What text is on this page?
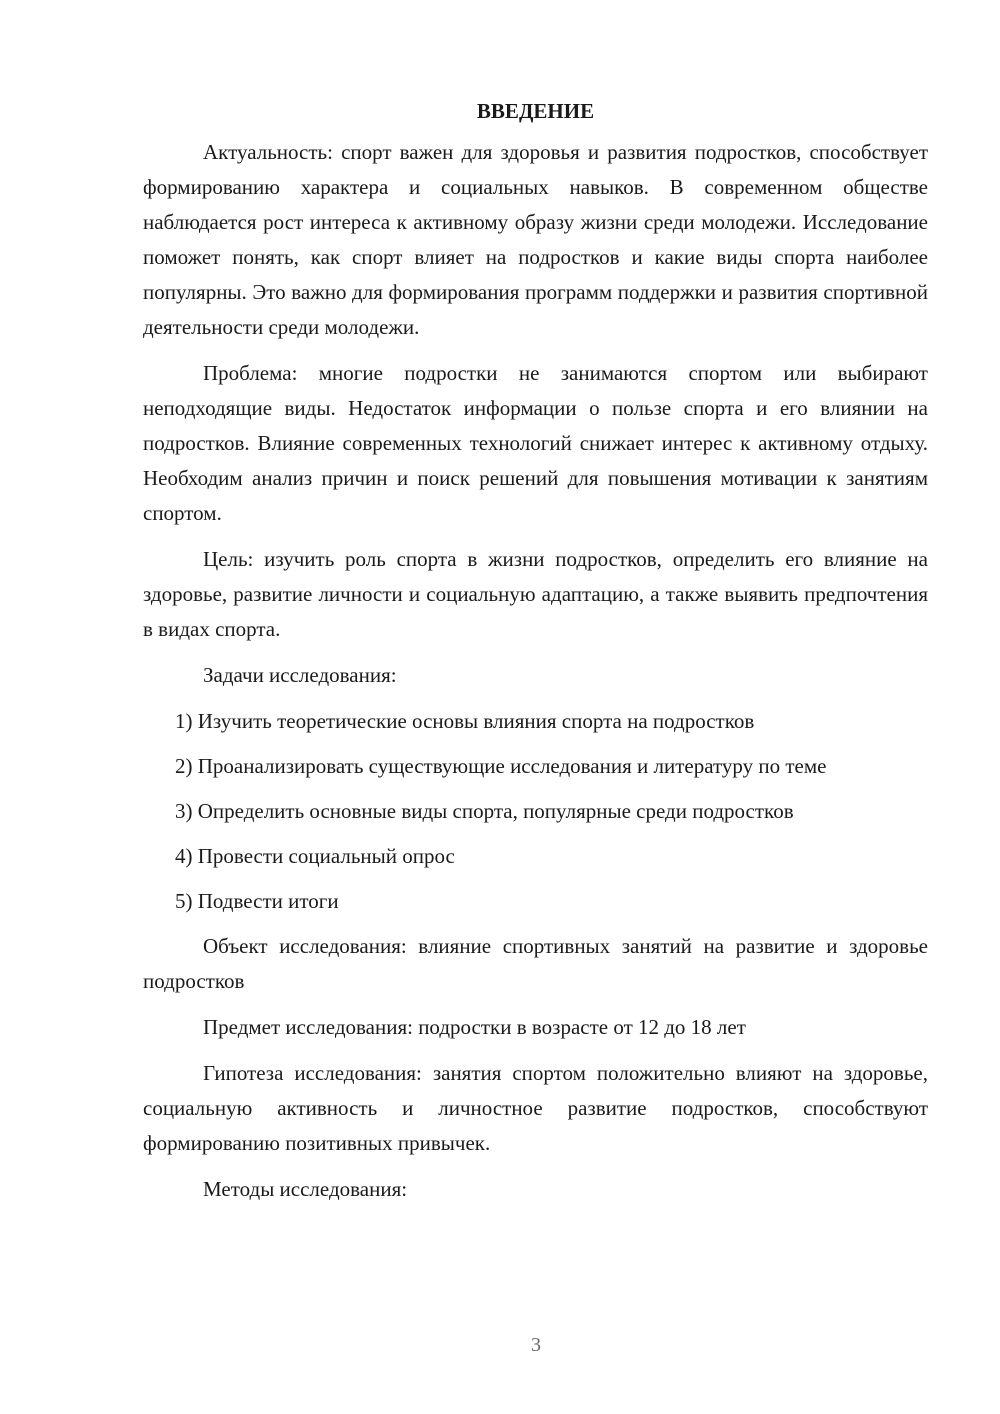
ВВЕДЕНИЕ

Актуальность: спорт важен для здоровья и развития подростков, способствует формированию характера и социальных навыков. В современном обществе наблюдается рост интереса к активному образу жизни среди молодежи. Исследование поможет понять, как спорт влияет на подростков и какие виды спорта наиболее популярны. Это важно для формирования программ поддержки и развития спортивной деятельности среди молодежи.

Проблема: многие подростки не занимаются спортом или выбирают неподходящие виды. Недостаток информации о пользе спорта и его влиянии на подростков. Влияние современных технологий снижает интерес к активному отдыху. Необходим анализ причин и поиск решений для повышения мотивации к занятиям спортом.

Цель: изучить роль спорта в жизни подростков, определить его влияние на здоровье, развитие личности и социальную адаптацию, а также выявить предпочтения в видах спорта.

Задачи исследования:

1) Изучить теоретические основы влияния спорта на подростков

2) Проанализировать существующие исследования и литературу по теме

3) Определить основные виды спорта, популярные среди подростков

4) Провести социальный опрос

5) Подвести итоги

Объект исследования: влияние спортивных занятий на развитие и здоровье подростков

Предмет исследования: подростки в возрасте от 12 до 18 лет

Гипотеза исследования: занятия спортом положительно влияют на здоровье, социальную активность и личностное развитие подростков, способствуют формированию позитивных привычек.

Методы исследования:

3
